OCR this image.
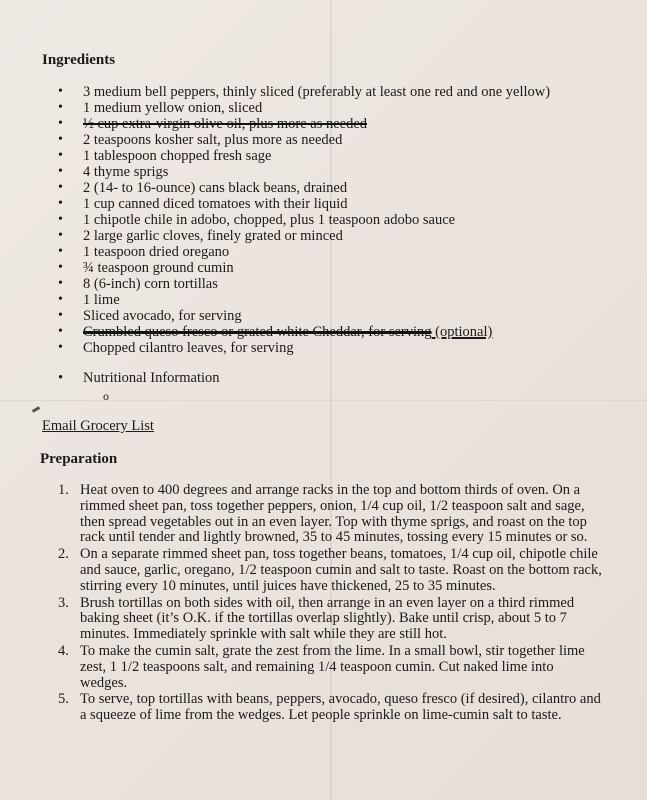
Ingredients
• 3 medium bell peppers, thinly sliced (preferably at least one red and one yellow)
• 1 medium yellow onion, sliced
• ½ cup extra-virgin olive oil, plus more as needed
• 2 teaspoons kosher salt, plus more as needed
• 1 tablespoon chopped fresh sage
• 4 thyme sprigs
• 2 (14- to 16-ounce) cans black beans, drained
• 1 cup canned diced tomatoes with their liquid
• 1 chipotle chile in adobo, chopped, plus 1 teaspoon adobo sauce
• 2 large garlic cloves, finely grated or minced
• 1 teaspoon dried oregano
• ¾ teaspoon ground cumin
• 8 (6-inch) corn tortillas
• 1 lime
• Sliced avocado, for serving
• Crumbled queso fresco or grated white Cheddar, for serving (optional)
• Chopped cilantro leaves, for serving
• Nutritional Information
o
Email Grocery List
Preparation
1. Heat oven to 400 degrees and arrange racks in the top and bottom thirds of oven. On a
rimmed sheet pan, toss together peppers, onion, 1/4 cup oil, 1/2 teaspoon salt and sage,
then spread vegetables out in an even layer. Top with thyme sprigs, and roast on the top
rack until tender and lightly browned, 35 to 45 minutes, tossing every 15 minutes or so.
2. On a separate rimmed sheet pan, toss together beans, tomatoes, 1/4 cup oil, chipotle chile
and sauce, garlic, oregano, 1/2 teaspoon cumin and salt to taste. Roast on the bottom rack,
stirring every 10 minutes, until juices have thickened, 25 to 35 minutes.
3. Brush tortillas on both sides with oil, then arrange in an even layer on a third rimmed
baking sheet (it’s O.K. if the tortillas overlap slightly). Bake until crisp, about 5 to 7
minutes. Immediately sprinkle with salt while they are still hot.
4. To make the cumin salt, grate the zest from the lime. In a small bowl, stir together lime
zest, 1 1/2 teaspoons salt, and remaining 1/4 teaspoon cumin. Cut naked lime into
wedges.
5. To serve, top tortillas with beans, peppers, avocado, queso fresco (if desired), cilantro and
a squeeze of lime from the wedges. Let people sprinkle on lime-cumin salt to taste.
